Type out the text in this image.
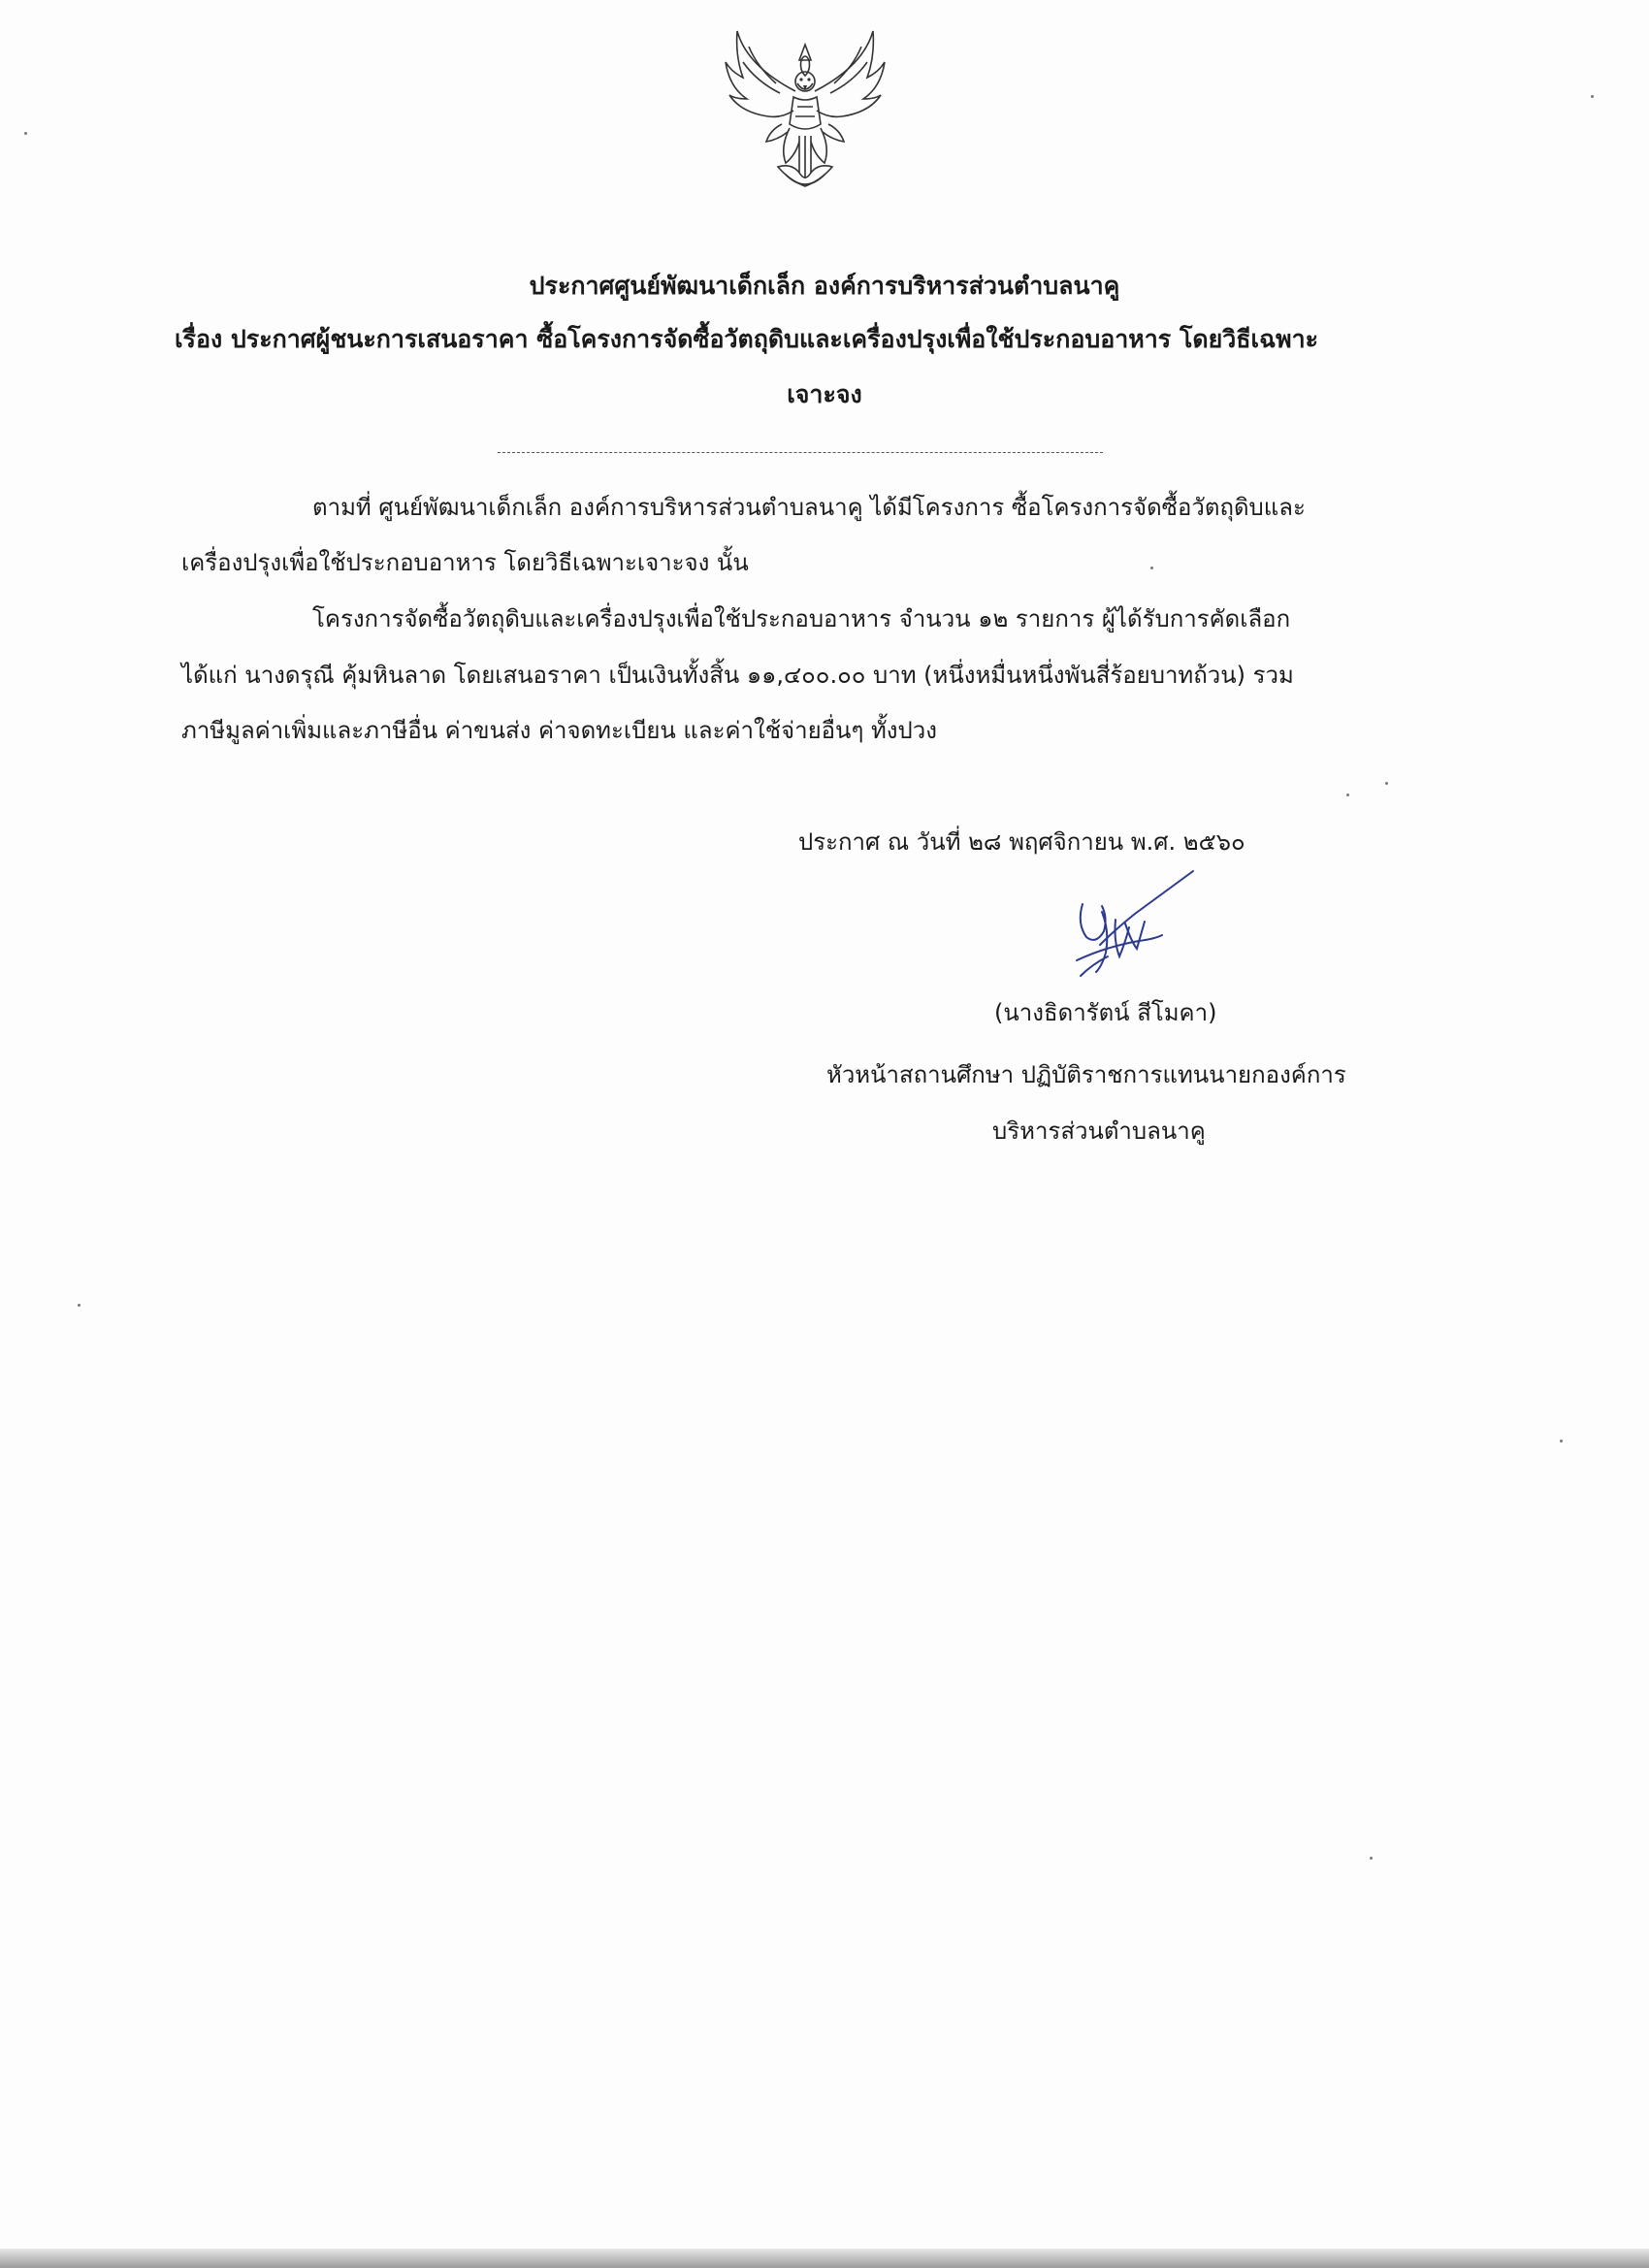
ประกาศศูนย์พัฒนาเด็กเล็ก องค์การบริหารส่วนตำบลนาคู
เรื่อง ประกาศผู้ชนะการเสนอราคา ซื้อโครงการจัดซื้อวัตถุดิบและเครื่องปรุงเพื่อใช้ประกอบอาหาร โดยวิธีเฉพาะ
เจาะจง
ตามที่ ศูนย์พัฒนาเด็กเล็ก องค์การบริหารส่วนตำบลนาคู ได้มีโครงการ ซื้อโครงการจัดซื้อวัตถุดิบและ
เครื่องปรุงเพื่อใช้ประกอบอาหาร โดยวิธีเฉพาะเจาะจง นั้น
โครงการจัดซื้อวัตถุดิบและเครื่องปรุงเพื่อใช้ประกอบอาหาร จำนวน ๑๒ รายการ ผู้ได้รับการคัดเลือก
ได้แก่ นางดรุณี คุ้มหินลาด โดยเสนอราคา เป็นเงินทั้งสิ้น ๑๑,๔๐๐.๐๐ บาท (หนึ่งหมื่นหนึ่งพันสี่ร้อยบาทถ้วน) รวม
ภาษีมูลค่าเพิ่มและภาษีอื่น ค่าขนส่ง ค่าจดทะเบียน และค่าใช้จ่ายอื่นๆ ทั้งปวง
ประกาศ ณ วันที่ ๒๘ พฤศจิกายน พ.ศ. ๒๕๖๐
(นางธิดารัตน์ สีโมคา)
หัวหน้าสถานศึกษา ปฏิบัติราชการแทนนายกองค์การ
บริหารส่วนตำบลนาคู
